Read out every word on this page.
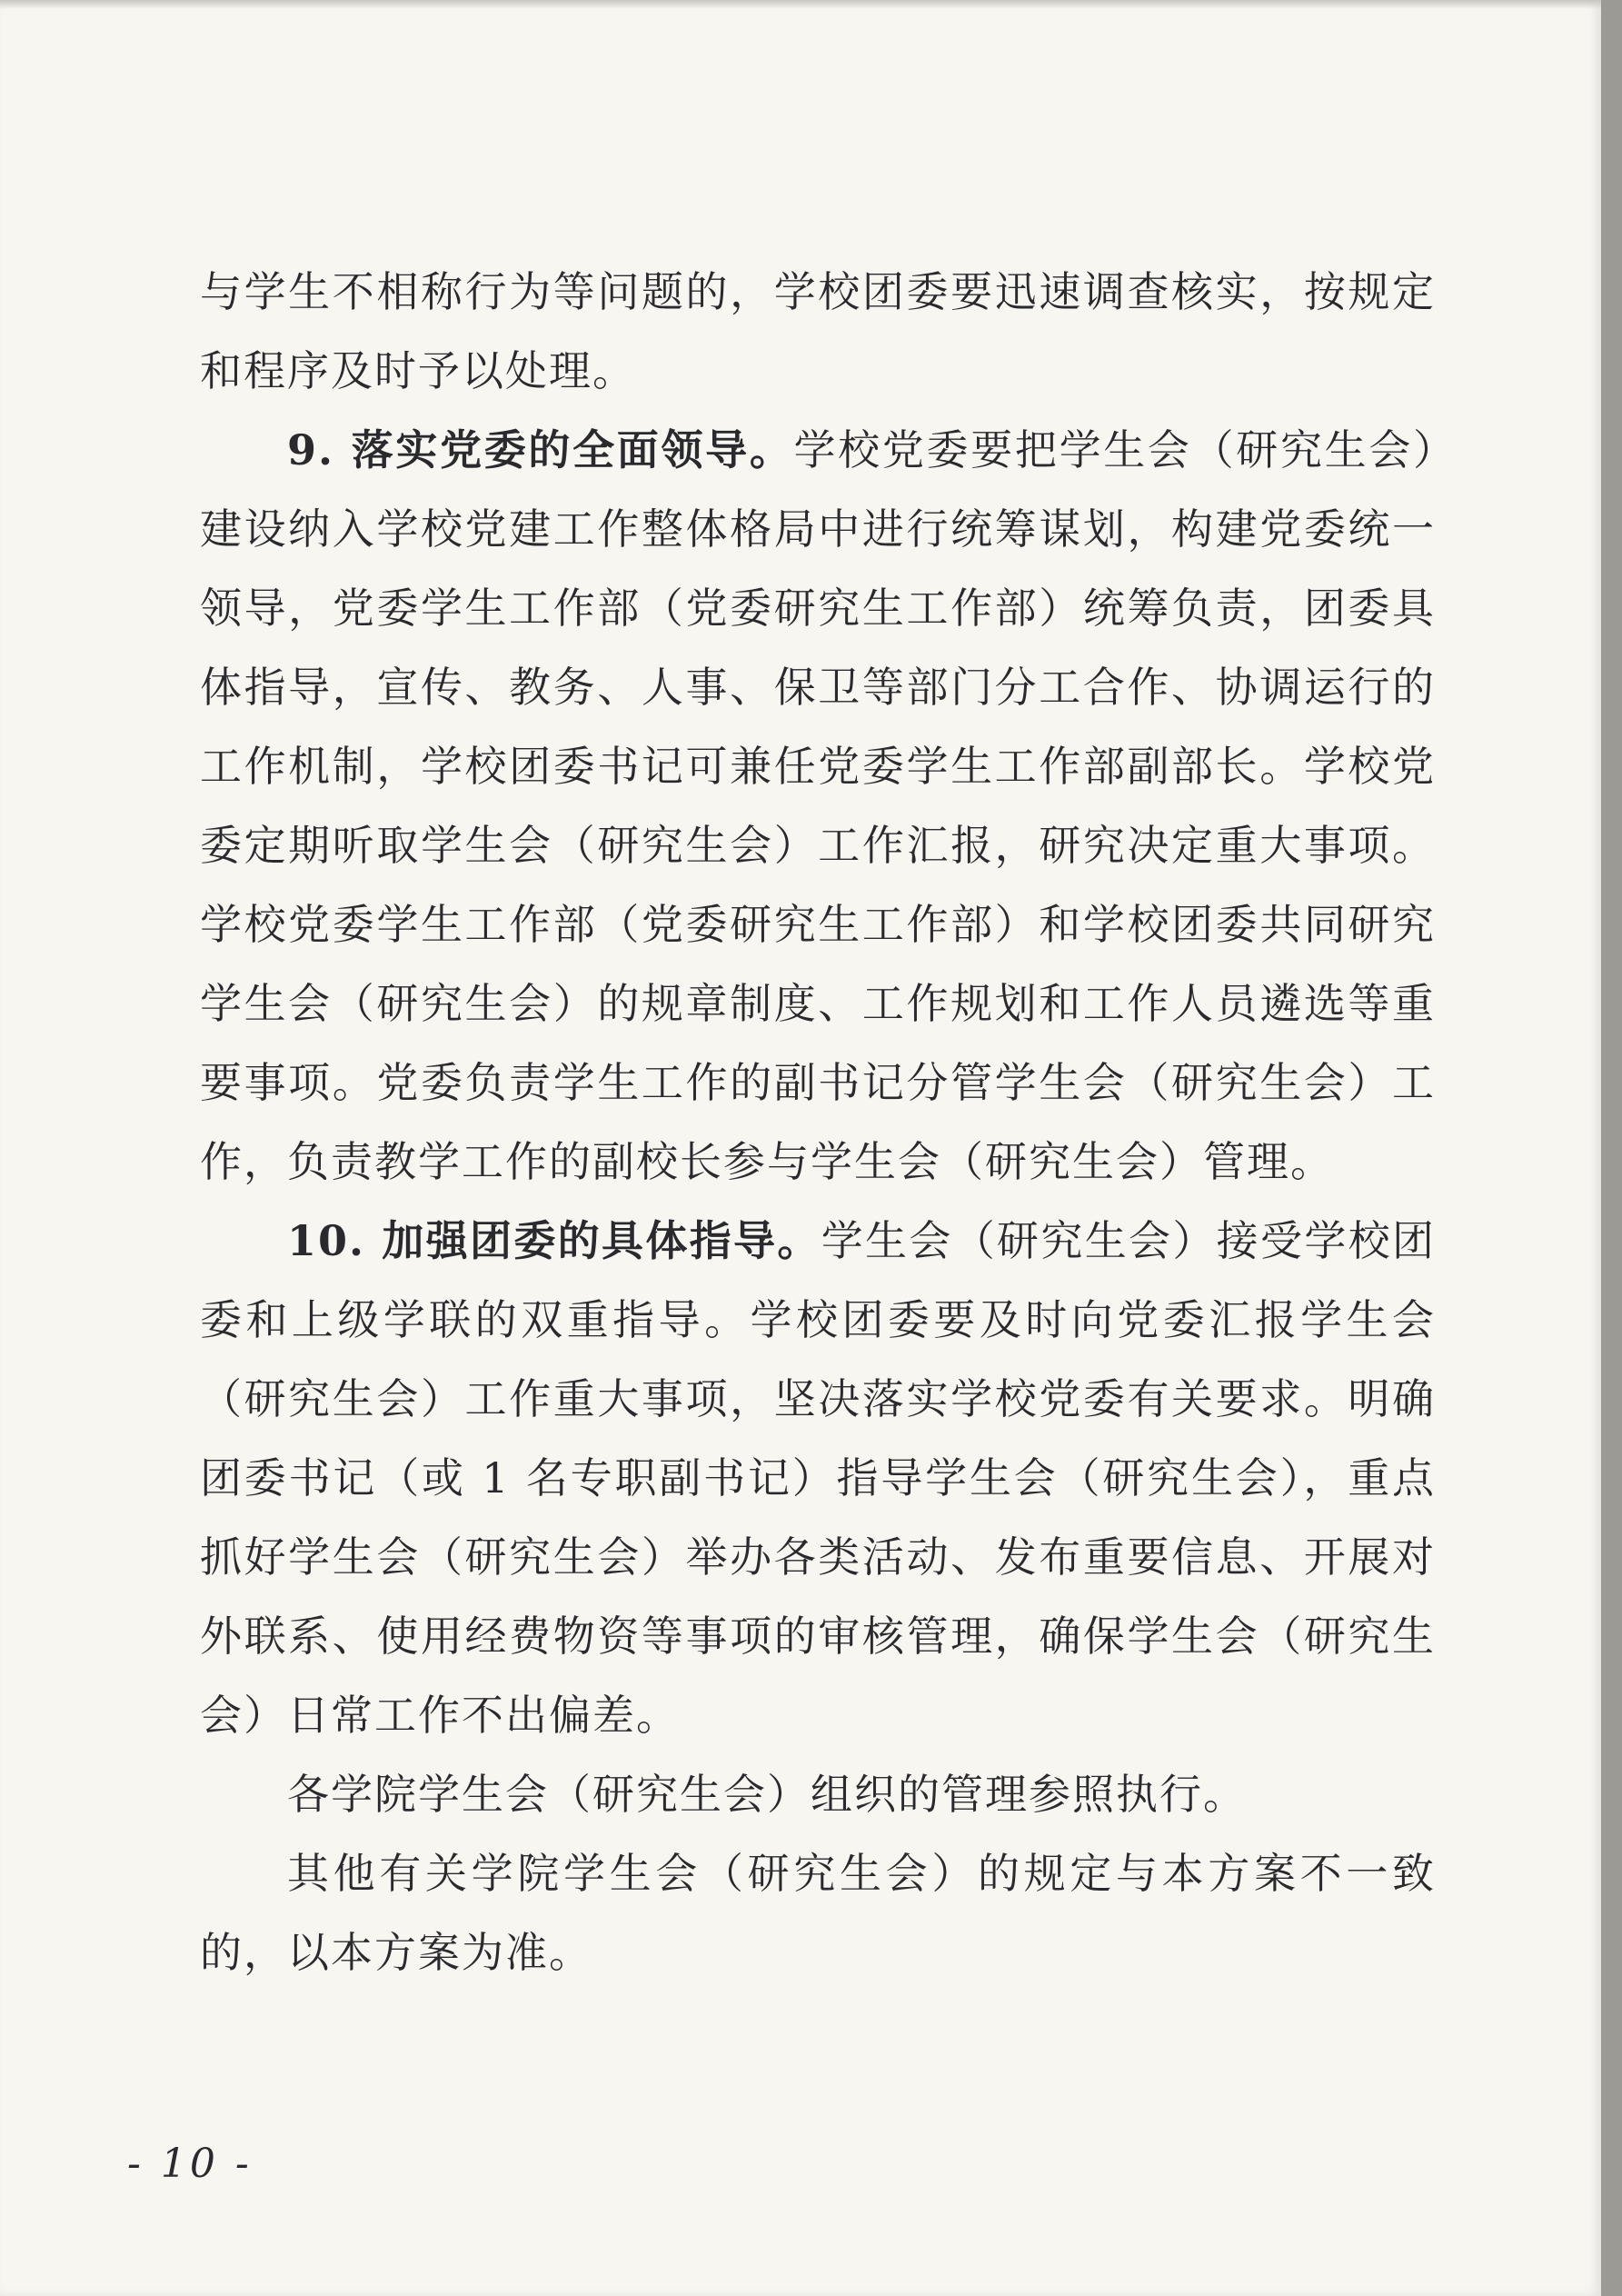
与学生不相称行为等问题的，学校团委要迅速调查核实，按规定和程序及时予以处理。

9. 落实党委的全面领导。学校党委要把学生会（研究生会）建设纳入学校党建工作整体格局中进行统筹谋划，构建党委统一领导，党委学生工作部（党委研究生工作部）统筹负责，团委具体指导，宣传、教务、人事、保卫等部门分工合作、协调运行的工作机制，学校团委书记可兼任党委学生工作部副部长。学校党委定期听取学生会（研究生会）工作汇报，研究决定重大事项。学校党委学生工作部（党委研究生工作部）和学校团委共同研究学生会（研究生会）的规章制度、工作规划和工作人员遴选等重要事项。党委负责学生工作的副书记分管学生会（研究生会）工作，负责教学工作的副校长参与学生会（研究生会）管理。

10. 加强团委的具体指导。学生会（研究生会）接受学校团委和上级学联的双重指导。学校团委要及时向党委汇报学生会（研究生会）工作重大事项，坚决落实学校党委有关要求。明确团委书记（或 1 名专职副书记）指导学生会（研究生会），重点抓好学生会（研究生会）举办各类活动、发布重要信息、开展对外联系、使用经费物资等事项的审核管理，确保学生会（研究生会）日常工作不出偏差。

各学院学生会（研究生会）组织的管理参照执行。

其他有关学院学生会（研究生会）的规定与本方案不一致的，以本方案为准。

- 10 -
